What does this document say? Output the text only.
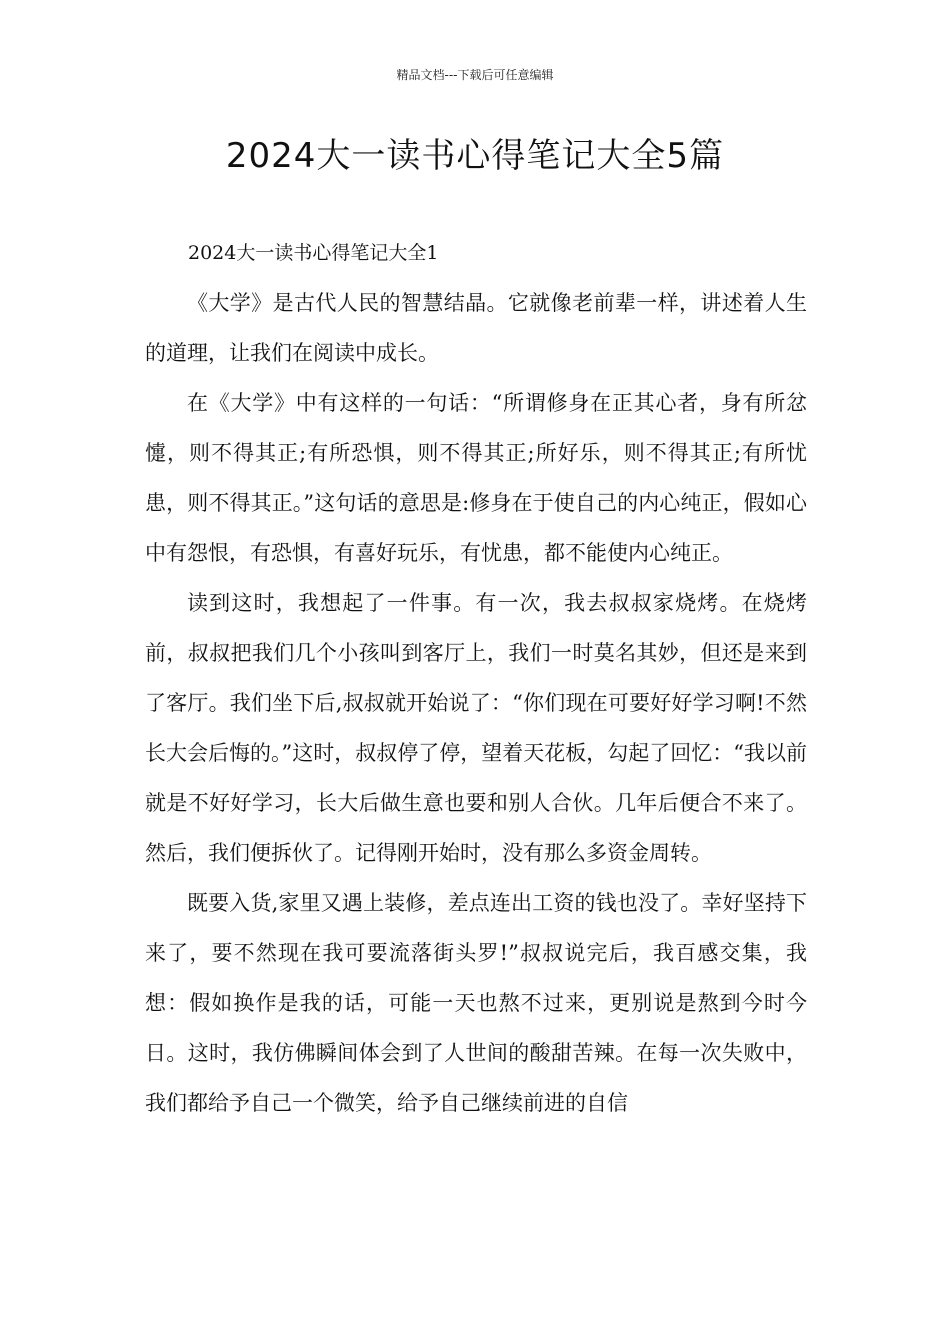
精品文档---下载后可任意编辑
2024大一读书心得笔记大全5篇

2024大一读书心得笔记大全1

《大学》是古代人民的智慧结晶。它就像老前辈一样，讲述着人生的道理，让我们在阅读中成长。

在《大学》中有这样的一句话：“所谓修身在正其心者，身有所忿懥，则不得其正;有所恐惧，则不得其正;所好乐，则不得其正;有所忧患，则不得其正。”这句话的意思是:修身在于使自己的内心纯正，假如心中有怨恨，有恐惧，有喜好玩乐，有忧患，都不能使内心纯正。

读到这时，我想起了一件事。有一次，我去叔叔家烧烤。在烧烤前，叔叔把我们几个小孩叫到客厅上，我们一时莫名其妙，但还是来到了客厅。我们坐下后,叔叔就开始说了：“你们现在可要好好学习啊!不然长大会后悔的。”这时，叔叔停了停，望着天花板，勾起了回忆：“我以前就是不好好学习，长大后做生意也要和别人合伙。几年后便合不来了。然后，我们便拆伙了。记得刚开始时，没有那么多资金周转。

既要入货,家里又遇上装修，差点连出工资的钱也没了。幸好坚持下来了，要不然现在我可要流落街头罗!”叔叔说完后，我百感交集，我想：假如换作是我的话，可能一天也熬不过来，更别说是熬到今时今日。这时，我仿佛瞬间体会到了人世间的酸甜苦辣。在每一次失败中，我们都给予自己一个微笑，给予自己继续前进的自信
